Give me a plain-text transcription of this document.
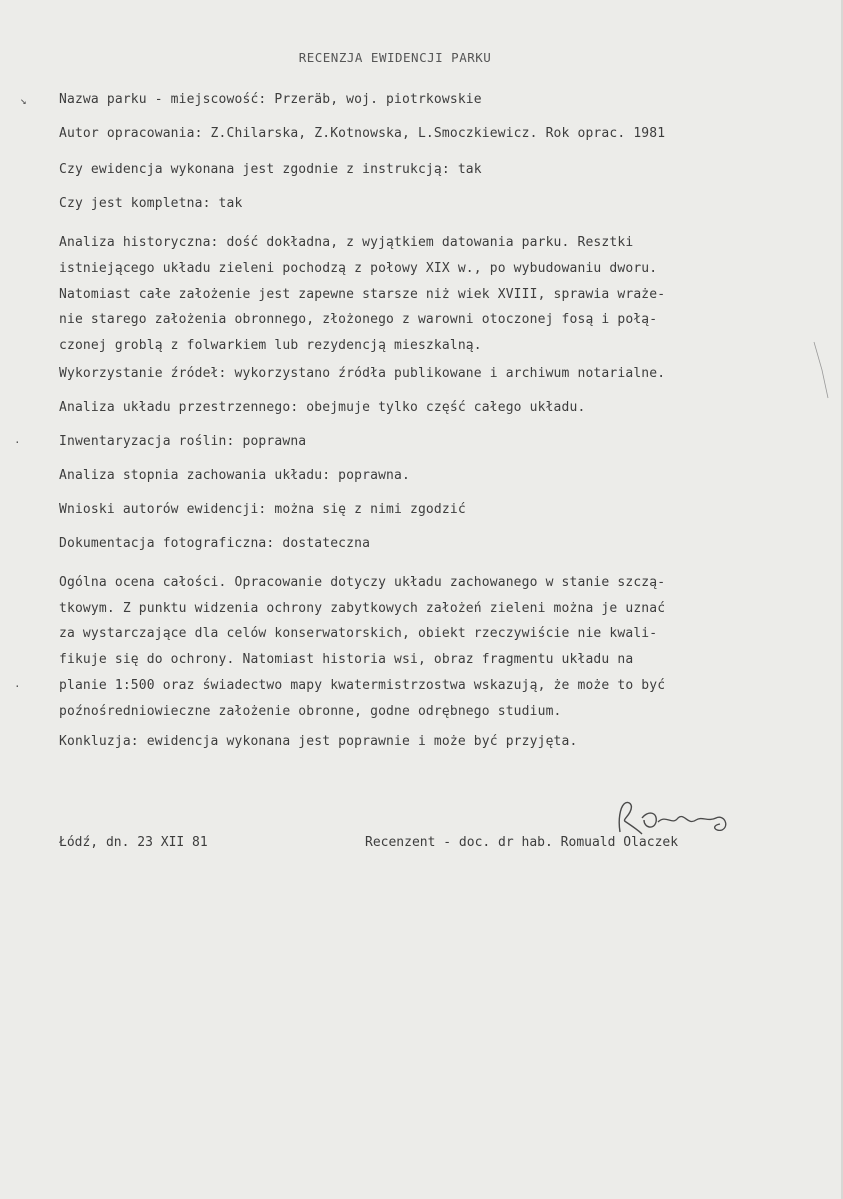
RECENZJA EWIDENCJI PARKU
Nazwa parku - miejscowość: Przeräb, woj. piotrkowskie
Autor opracowania: Z.Chilarska, Z.Kotnowska, L.Smoczkiewicz. Rok oprac. 1981
Czy ewidencja wykonana jest zgodnie z instrukcją: tak
Czy jest kompletna: tak
Analiza historyczna: dość dokładna, z wyjątkiem datowania parku. Resztki
istniejącego układu zieleni pochodzą z połowy XIX w., po wybudowaniu dworu.
Natomiast całe założenie jest zapewne starsze niż wiek XVIII, sprawia wraże-
nie starego założenia obronnego, złożonego z warowni otoczonej fosą i połą-
czonej groblą z folwarkiem lub rezydencją mieszkalną.
Wykorzystanie źródeł: wykorzystano źródła publikowane i archiwum notarialne.
Analiza układu przestrzennego: obejmuje tylko część całego układu.
Inwentaryzacja roślin: poprawna
Analiza stopnia zachowania układu: poprawna.
Wnioski autorów ewidencji: można się z nimi zgodzić
Dokumentacja fotograficzna: dostateczna
Ogólna ocena całości. Opracowanie dotyczy układu zachowanego w stanie szczą-
tkowym. Z punktu widzenia ochrony zabytkowych założeń zieleni można je uznać
za wystarczające dla celów konserwatorskich, obiekt rzeczywiście nie kwali-
fikuje się do ochrony. Natomiast historia wsi, obraz fragmentu układu na
planie 1:500 oraz świadectwo mapy kwatermistrzostwa wskazują, że może to być
poźnośredniowieczne założenie obronne, godne odrębnego studium.
Konkluzja: ewidencja wykonana jest poprawnie i może być przyjęta.
Łódź, dn. 23 XII 81	Recenzent - doc. dr hab. Romuald Olaczek
↘
·
·
